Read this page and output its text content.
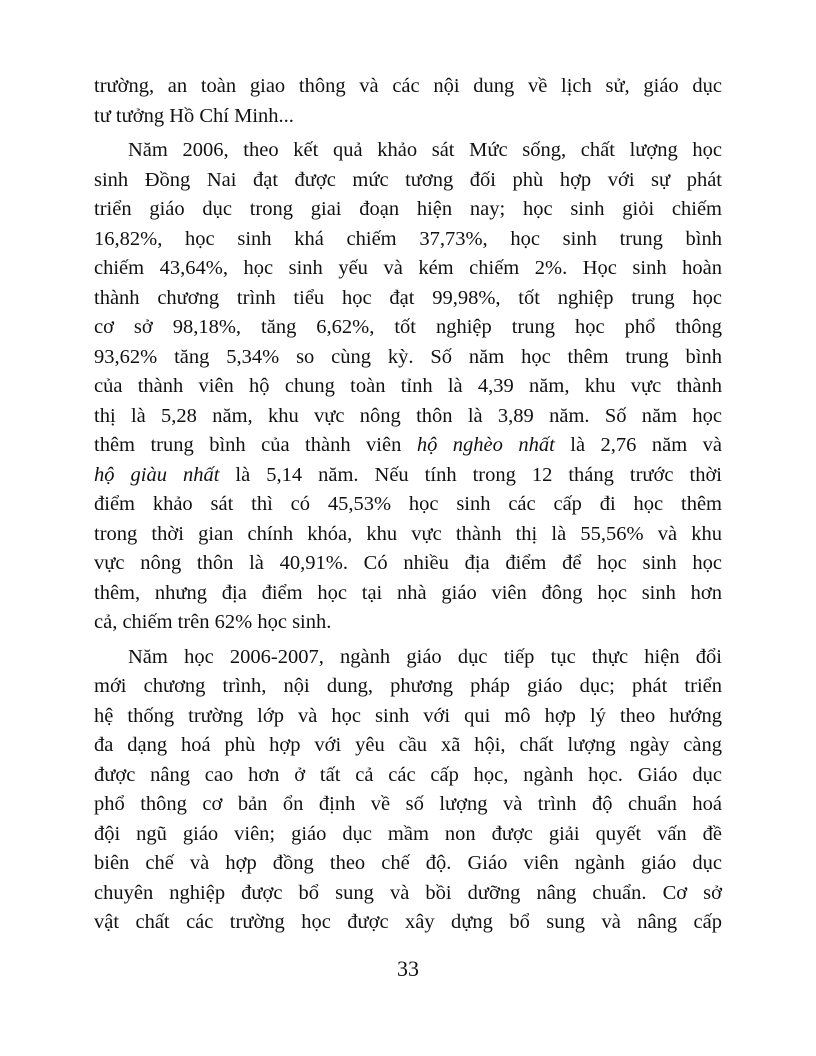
trường, an toàn giao thông và các nội dung về lịch sử, giáo dục
tư tưởng Hồ Chí Minh...

Năm 2006, theo kết quả khảo sát Mức sống, chất lượng học
sinh Đồng Nai đạt được mức tương đối phù hợp với sự phát
triển giáo dục trong giai đoạn hiện nay; học sinh giỏi chiếm
16,82%, học sinh khá chiếm 37,73%, học sinh trung bình
chiếm 43,64%, học sinh yếu và kém chiếm 2%. Học sinh hoàn
thành chương trình tiểu học đạt 99,98%, tốt nghiệp trung học
cơ sở 98,18%, tăng 6,62%, tốt nghiệp trung học phổ thông
93,62% tăng 5,34% so cùng kỳ. Số năm học thêm trung bình
của thành viên hộ chung toàn tỉnh là 4,39 năm, khu vực thành
thị là 5,28 năm, khu vực nông thôn là 3,89 năm. Số năm học
thêm trung bình của thành viên hộ nghèo nhất là 2,76 năm và
hộ giàu nhất là 5,14 năm. Nếu tính trong 12 tháng trước thời
điểm khảo sát thì có 45,53% học sinh các cấp đi học thêm
trong thời gian chính khóa, khu vực thành thị là 55,56% và khu
vực nông thôn là 40,91%. Có nhiều địa điểm để học sinh học
thêm, nhưng địa điểm học tại nhà giáo viên đông học sinh hơn
cả, chiếm trên 62% học sinh.

Năm học 2006-2007, ngành giáo dục tiếp tục thực hiện đổi
mới chương trình, nội dung, phương pháp giáo dục; phát triển
hệ thống trường lớp và học sinh với qui mô hợp lý theo hướng
đa dạng hoá phù hợp với yêu cầu xã hội, chất lượng ngày càng
được nâng cao hơn ở tất cả các cấp học, ngành học. Giáo dục
phổ thông cơ bản ổn định về số lượng và trình độ chuẩn hoá
đội ngũ giáo viên; giáo dục mầm non được giải quyết vấn đề
biên chế và hợp đồng theo chế độ. Giáo viên ngành giáo dục
chuyên nghiệp được bổ sung và bồi dưỡng nâng chuẩn. Cơ sở
vật chất các trường học được xây dựng bổ sung và nâng cấp

33
